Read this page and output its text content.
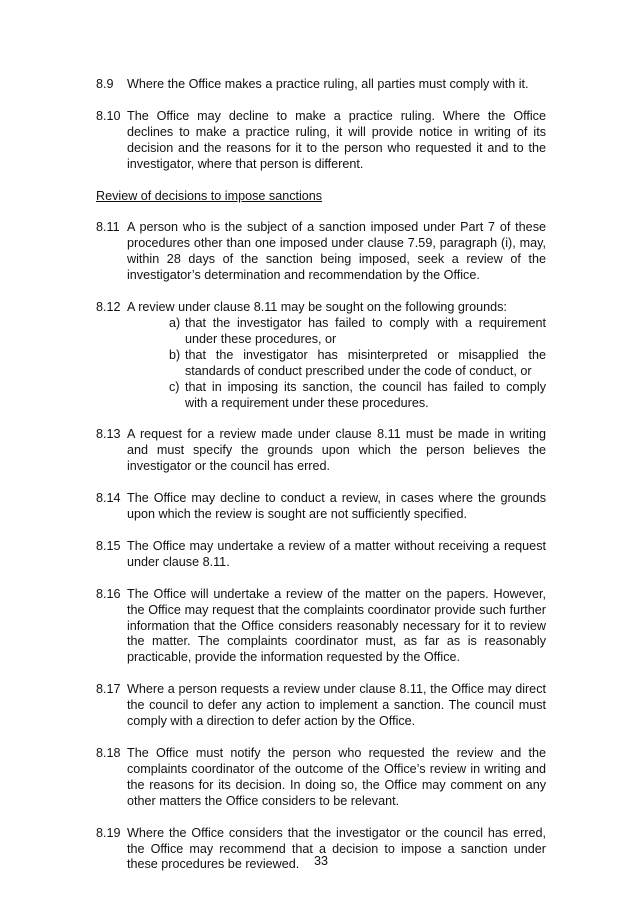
8.9	Where the Office makes a practice ruling, all parties must comply with it.
8.10 The Office may decline to make a practice ruling. Where the Office declines to make a practice ruling, it will provide notice in writing of its decision and the reasons for it to the person who requested it and to the investigator, where that person is different.
Review of decisions to impose sanctions
8.11 A person who is the subject of a sanction imposed under Part 7 of these procedures other than one imposed under clause 7.59, paragraph (i), may, within 28 days of the sanction being imposed, seek a review of the investigator’s determination and recommendation by the Office.
8.12 A review under clause 8.11 may be sought on the following grounds:
a) that the investigator has failed to comply with a requirement under these procedures, or
b) that the investigator has misinterpreted or misapplied the standards of conduct prescribed under the code of conduct, or
c) that in imposing its sanction, the council has failed to comply with a requirement under these procedures.
8.13 A request for a review made under clause 8.11 must be made in writing and must specify the grounds upon which the person believes the investigator or the council has erred.
8.14 The Office may decline to conduct a review, in cases where the grounds upon which the review is sought are not sufficiently specified.
8.15 The Office may undertake a review of a matter without receiving a request under clause 8.11.
8.16 The Office will undertake a review of the matter on the papers. However, the Office may request that the complaints coordinator provide such further information that the Office considers reasonably necessary for it to review the matter. The complaints coordinator must, as far as is reasonably practicable, provide the information requested by the Office.
8.17 Where a person requests a review under clause 8.11, the Office may direct the council to defer any action to implement a sanction. The council must comply with a direction to defer action by the Office.
8.18 The Office must notify the person who requested the review and the complaints coordinator of the outcome of the Office’s review in writing and the reasons for its decision. In doing so, the Office may comment on any other matters the Office considers to be relevant.
8.19 Where the Office considers that the investigator or the council has erred, the Office may recommend that a decision to impose a sanction under these procedures be reviewed.	33
